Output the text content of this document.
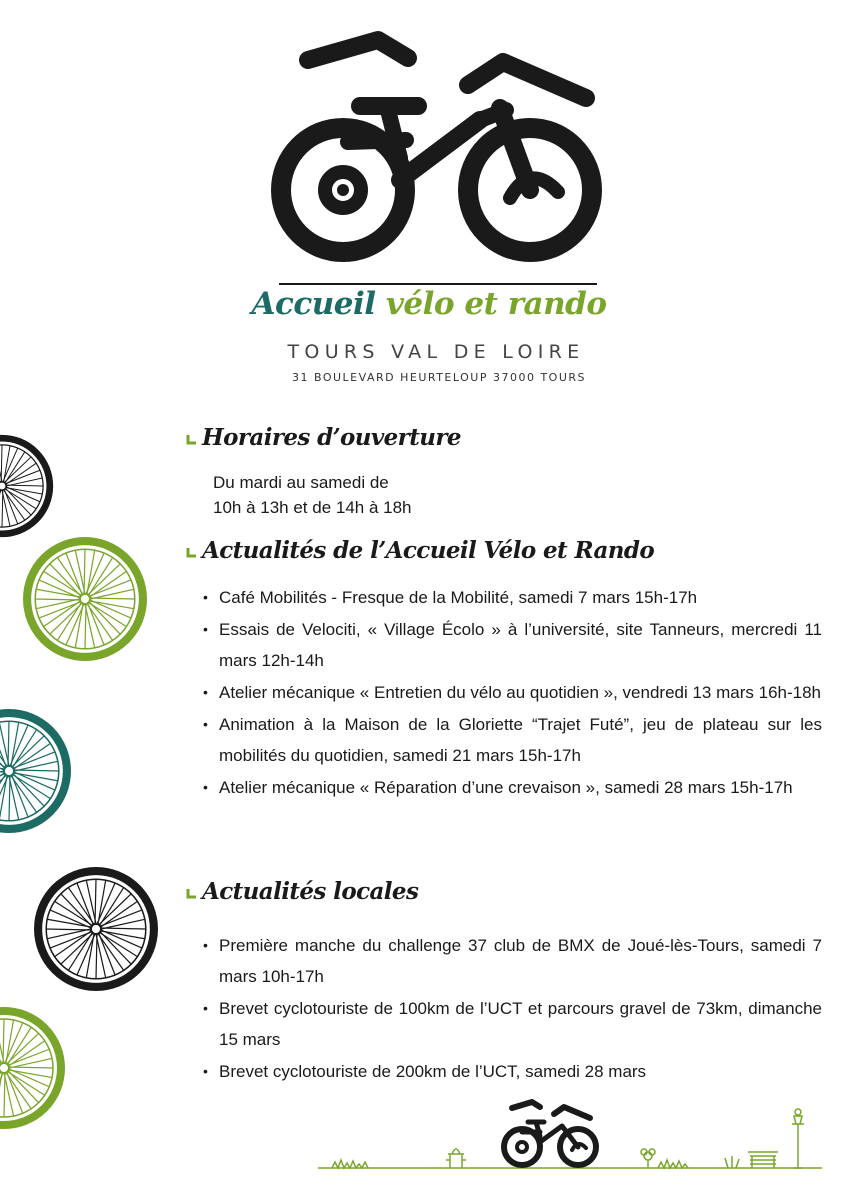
Accueil vélo et rando
TOURS VAL DE LOIRE
31 BOULEVARD HEURTELOUP 37000 TOURS
Horaires d’ouverture
Du mardi au samedi de
10h à 13h et de 14h à 18h
Actualités de l’Accueil Vélo et Rando
• Café Mobilités - Fresque de la Mobilité, samedi 7 mars 15h-17h
• Essais de Velociti, « Village Écolo » à l’université, site Tanneurs, mercredi 11 mars 12h-14h
• Atelier mécanique « Entretien du vélo au quotidien », vendredi 13 mars 16h-18h
• Animation à la Maison de la Gloriette “Trajet Futé”, jeu de plateau sur les mobilités du quotidien, samedi 21 mars 15h-17h
• Atelier mécanique « Réparation d’une crevaison », samedi 28 mars 15h-17h
Actualités locales
• Première manche du challenge 37 club de BMX de Joué-lès-Tours, samedi 7 mars 10h-17h
• Brevet cyclotouriste de 100km de l’UCT et parcours gravel de 73km, dimanche 15 mars
• Brevet cyclotouriste de 200km de l’UCT, samedi 28 mars
